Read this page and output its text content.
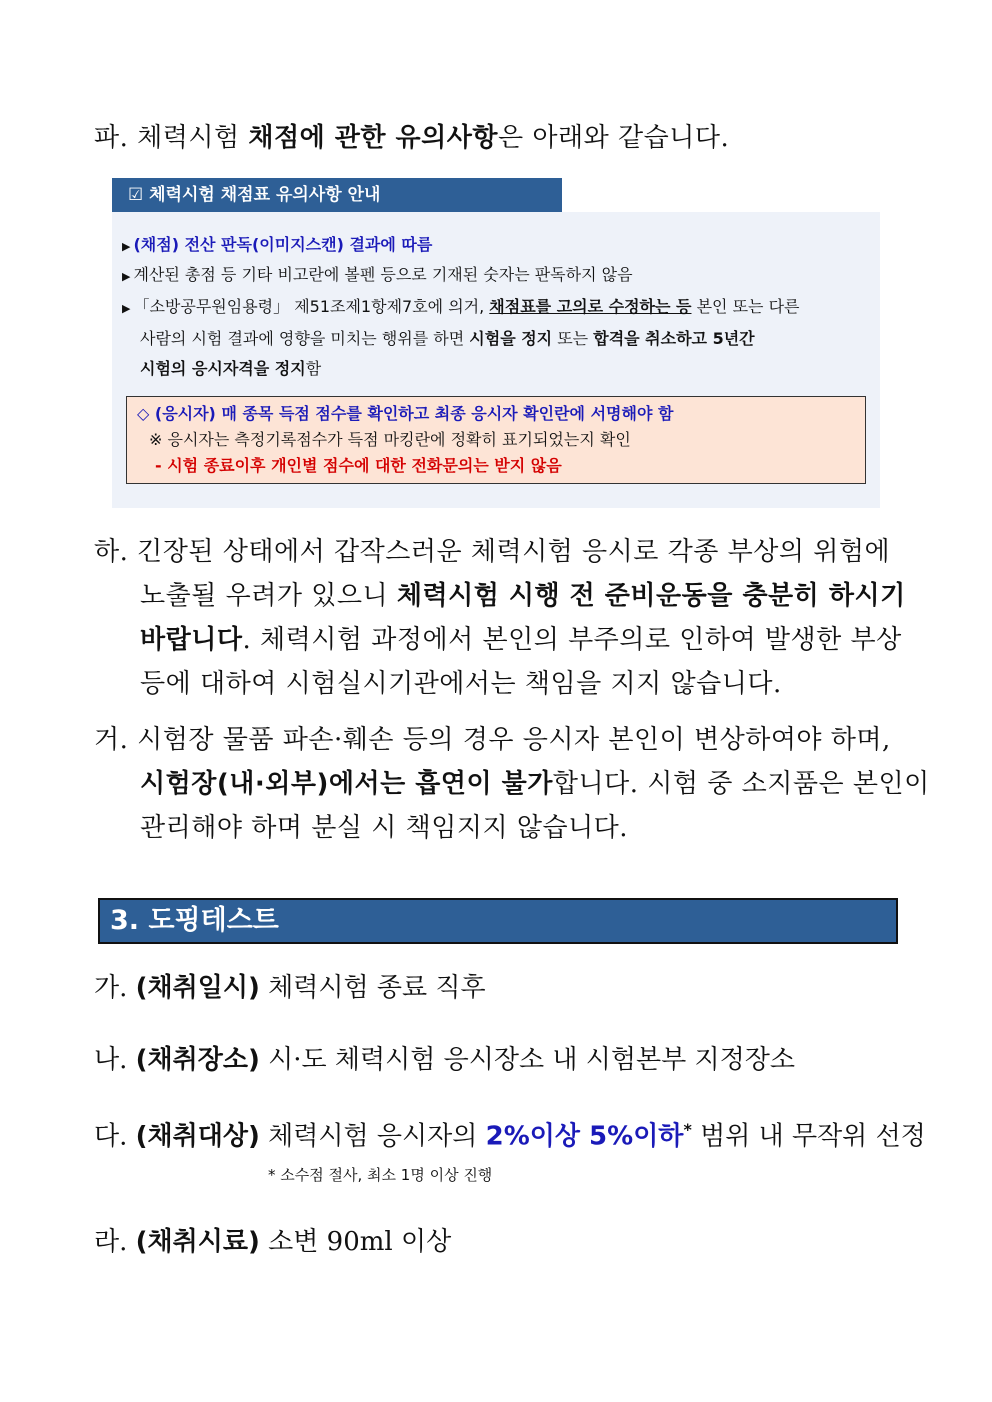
파. 체력시험 채점에 관한 유의사항은 아래와 같습니다.
☑ 체력시험 채점표 유의사항 안내
▶ (채점) 전산 판독(이미지스캔) 결과에 따름
▶ 계산된 총점 등 기타 비고란에 볼펜 등으로 기재된 숫자는 판독하지 않음
▶ 「소방공무원임용령」 제51조제1항제7호에 의거, 채점표를 고의로 수정하는 등 본인 또는 다른
사람의 시험 결과에 영향을 미치는 행위를 하면 시험을 정지 또는 합격을 취소하고 5년간
시험의 응시자격을 정지함
◇ (응시자) 매 종목 득점 점수를 확인하고 최종 응시자 확인란에 서명해야 함
※ 응시자는 측정기록점수가 득점 마킹란에 정확히 표기되었는지 확인
- 시험 종료이후 개인별 점수에 대한 전화문의는 받지 않음
하. 긴장된 상태에서 갑작스러운 체력시험 응시로 각종 부상의 위험에
노출될 우려가 있으니 체력시험 시행 전 준비운동을 충분히 하시기
바랍니다. 체력시험 과정에서 본인의 부주의로 인하여 발생한 부상
등에 대하여 시험실시기관에서는 책임을 지지 않습니다.
거. 시험장 물품 파손·훼손 등의 경우 응시자 본인이 변상하여야 하며,
시험장(내·외부)에서는 흡연이 불가합니다. 시험 중 소지품은 본인이
관리해야 하며 분실 시 책임지지 않습니다.
3. 도핑테스트
가. (채취일시) 체력시험 종료 직후
나. (채취장소) 시·도 체력시험 응시장소 내 시험본부 지정장소
다. (채취대상) 체력시험 응시자의 2%이상 5%이하* 범위 내 무작위 선정
* 소수점 절사, 최소 1명 이상 진행
라. (채취시료) 소변 90ml 이상
